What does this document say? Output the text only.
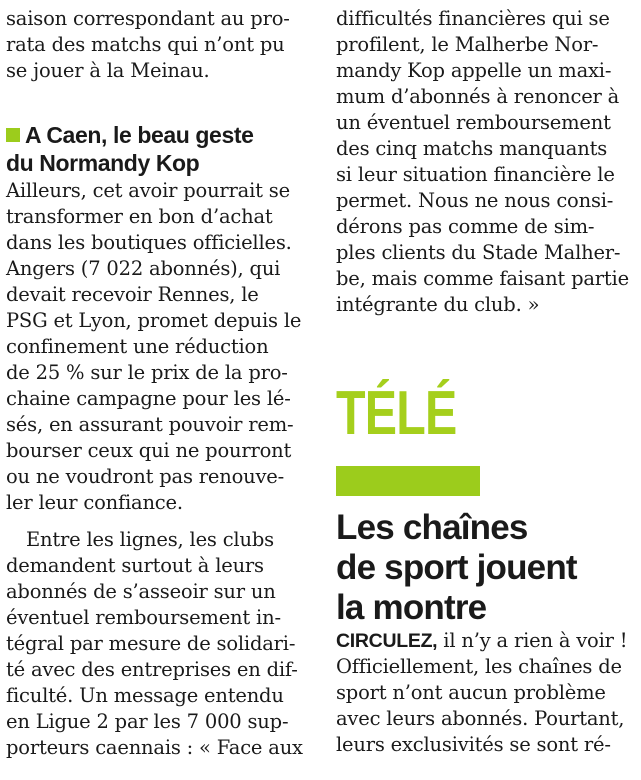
saison correspondant au pro-
rata des matchs qui n’ont pu
se jouer à la Meinau.
A Caen, le beau geste
du Normandy Kop
Ailleurs, cet avoir pourrait se
transformer en bon d’achat
dans les boutiques officielles.
Angers (7 022 abonnés), qui
devait recevoir Rennes, le
PSG et Lyon, promet depuis le
confinement une réduction
de 25 % sur le prix de la pro-
chaine campagne pour les lé-
sés, en assurant pouvoir rem-
bourser ceux qui ne pourront
ou ne voudront pas renouve-
ler leur confiance.
Entre les lignes, les clubs
demandent surtout à leurs
abonnés de s’asseoir sur un
éventuel remboursement in-
tégral par mesure de solidari-
té avec des entreprises en dif-
ficulté. Un message entendu
en Ligue 2 par les 7 000 sup-
porteurs caennais : « Face aux
difficultés financières qui se
profilent, le Malherbe Nor-
mandy Kop appelle un maxi-
mum d’abonnés à renoncer à
un éventuel remboursement
des cinq matchs manquants
si leur situation financière le
permet. Nous ne nous consi-
dérons pas comme de sim-
ples clients du Stade Malher-
be, mais comme faisant partie
intégrante du club. »
TÉLÉ
Les chaînes
de sport jouent
la montre
CIRCULEZ, il n’y a rien à voir !
Officiellement, les chaînes de
sport n’ont aucun problème
avec leurs abonnés. Pourtant,
leurs exclusivités se sont ré-
